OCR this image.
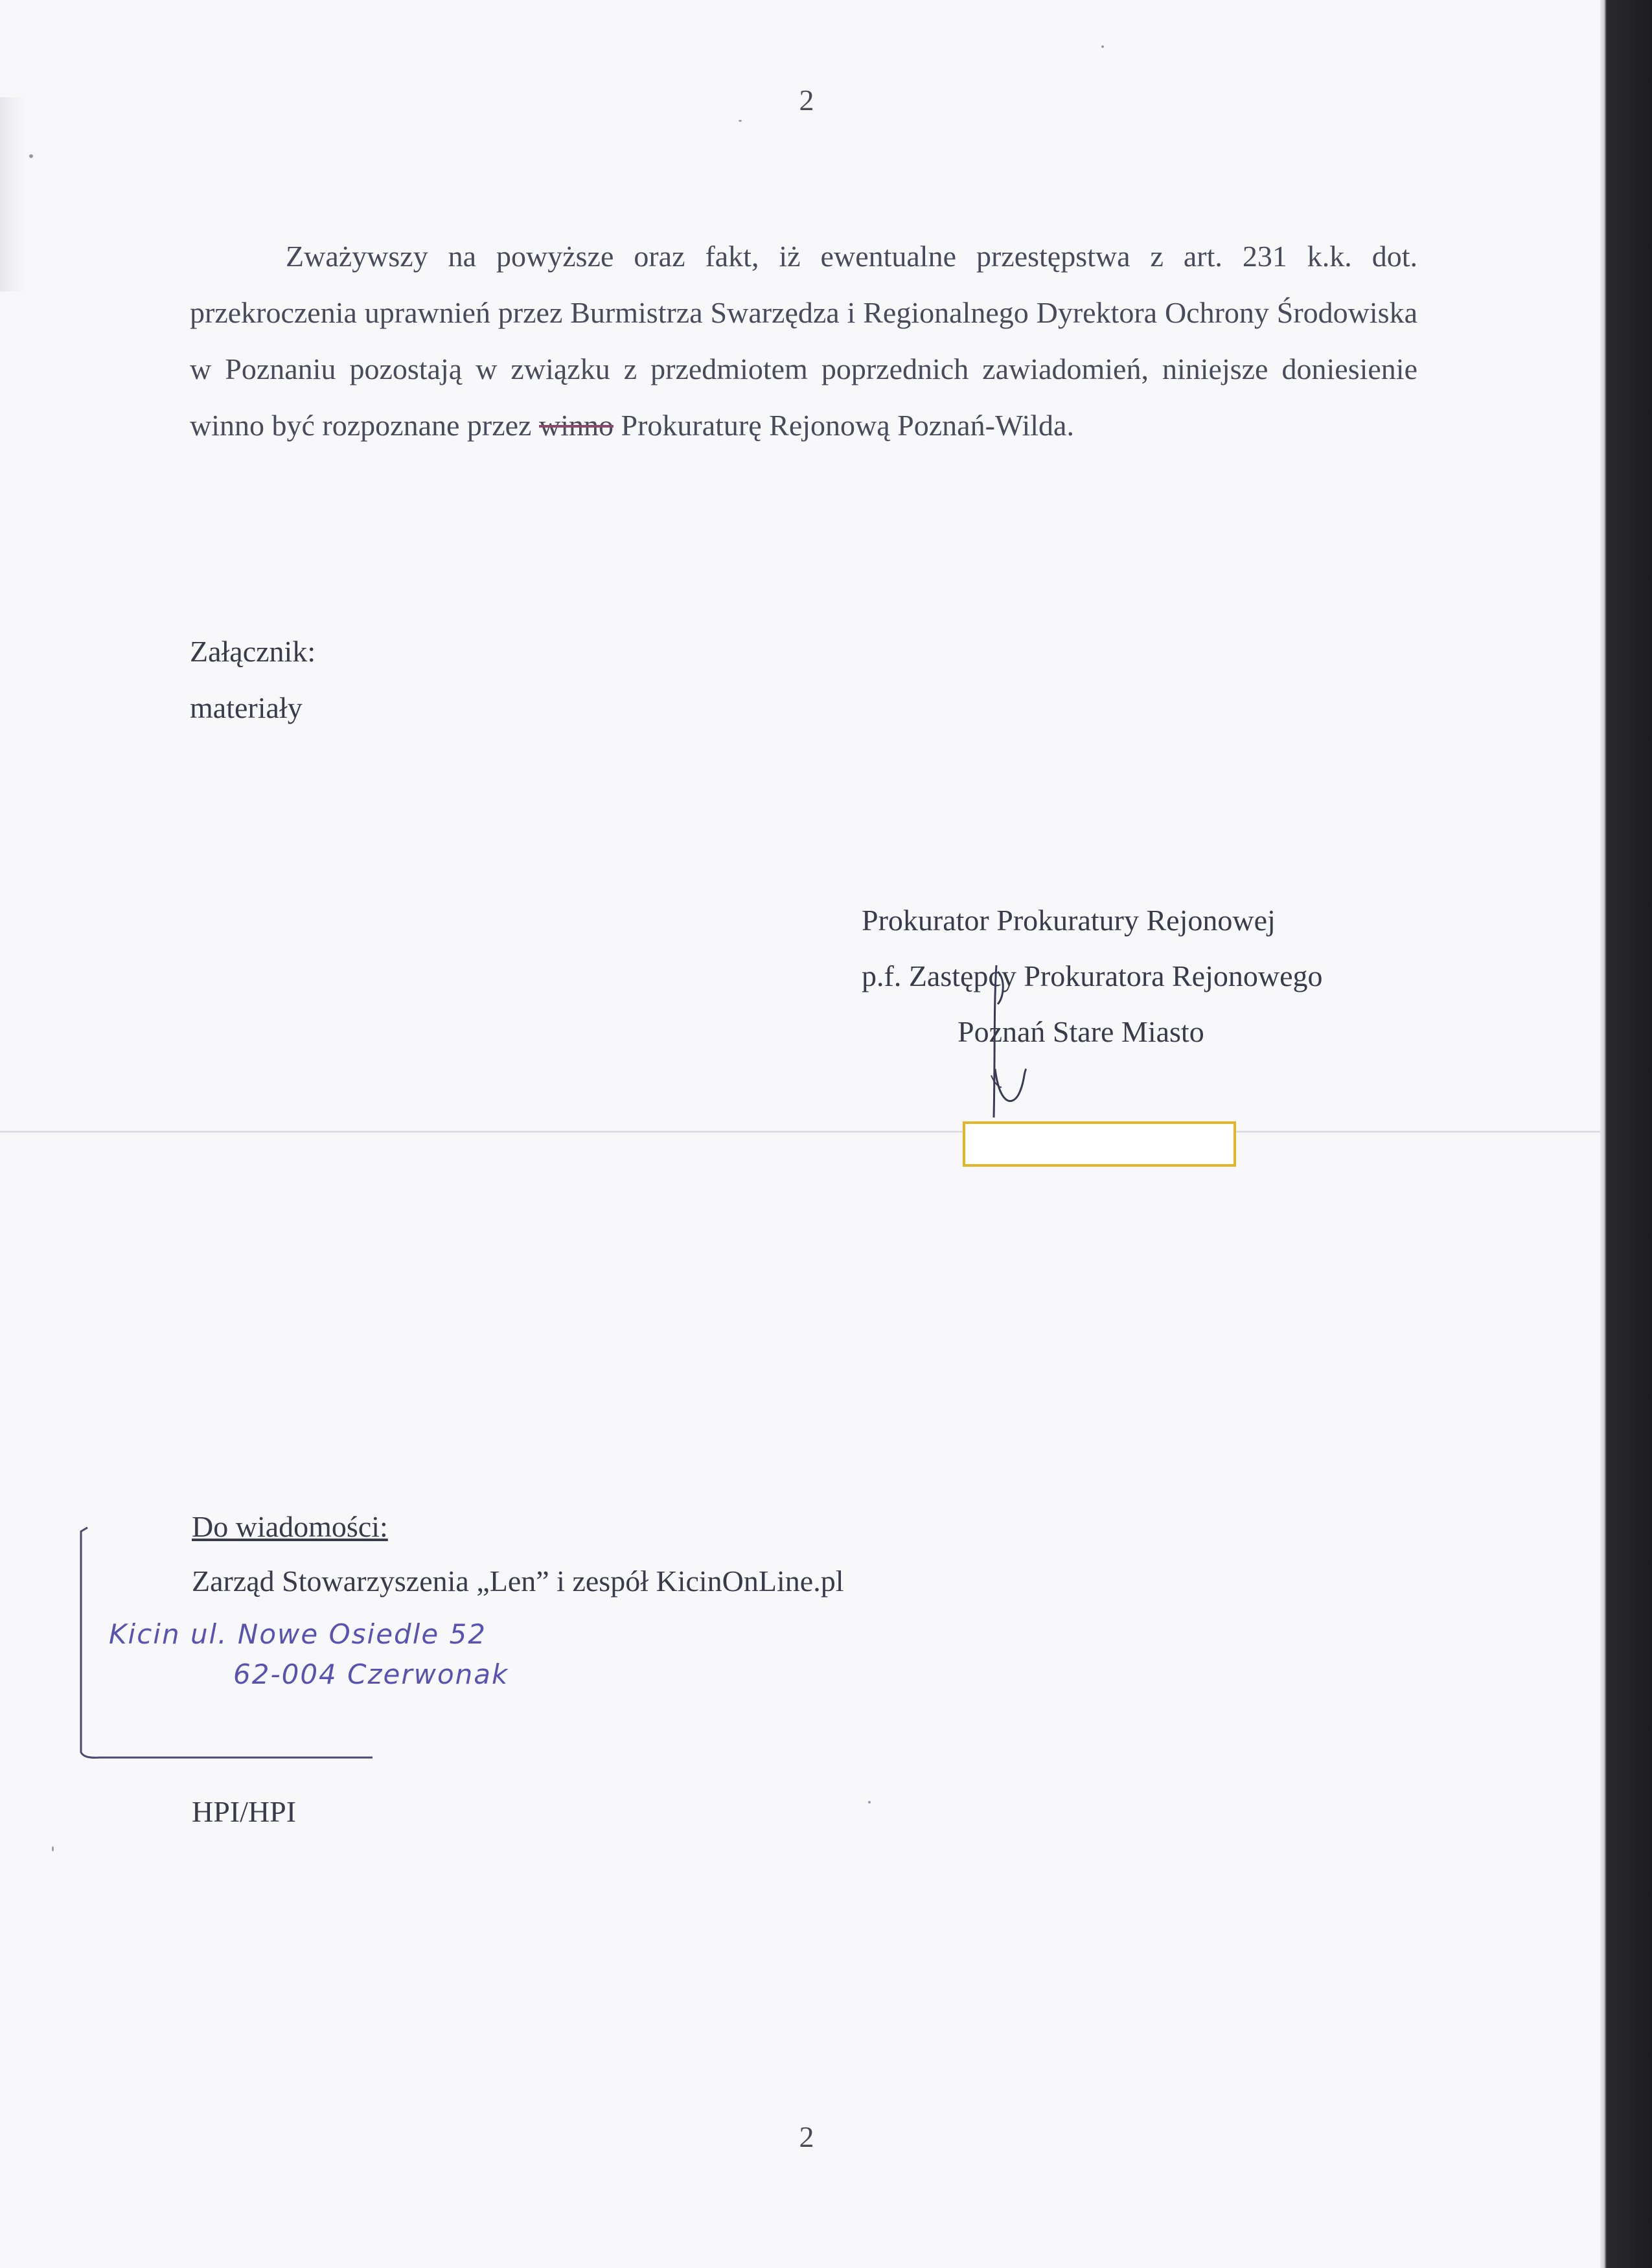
2

Zważywszy na powyższe oraz fakt, iż ewentualne przestępstwa z art. 231 k.k. dot. przekroczenia uprawnień przez Burmistrza Swarzędza i Regionalnego Dyrektora Ochrony Środowiska w Poznaniu pozostają w związku z przedmiotem poprzednich zawiadomień, niniejsze doniesienie winno być rozpoznane przez winno Prokuraturę Rejonową Poznań-Wilda.

Załącznik:
materiały
Prokurator Prokuratury Rejonowej
p.f. Zastępcy Prokuratora Rejonowego
Poznań Stare Miasto
Do wiadomości:
Zarząd Stowarzyszenia „Len” i zespół KicinOnLine.pl
Kicin ul. Nowe Osiedle 52
62-004 Czerwonak
HPI/HPI
2
